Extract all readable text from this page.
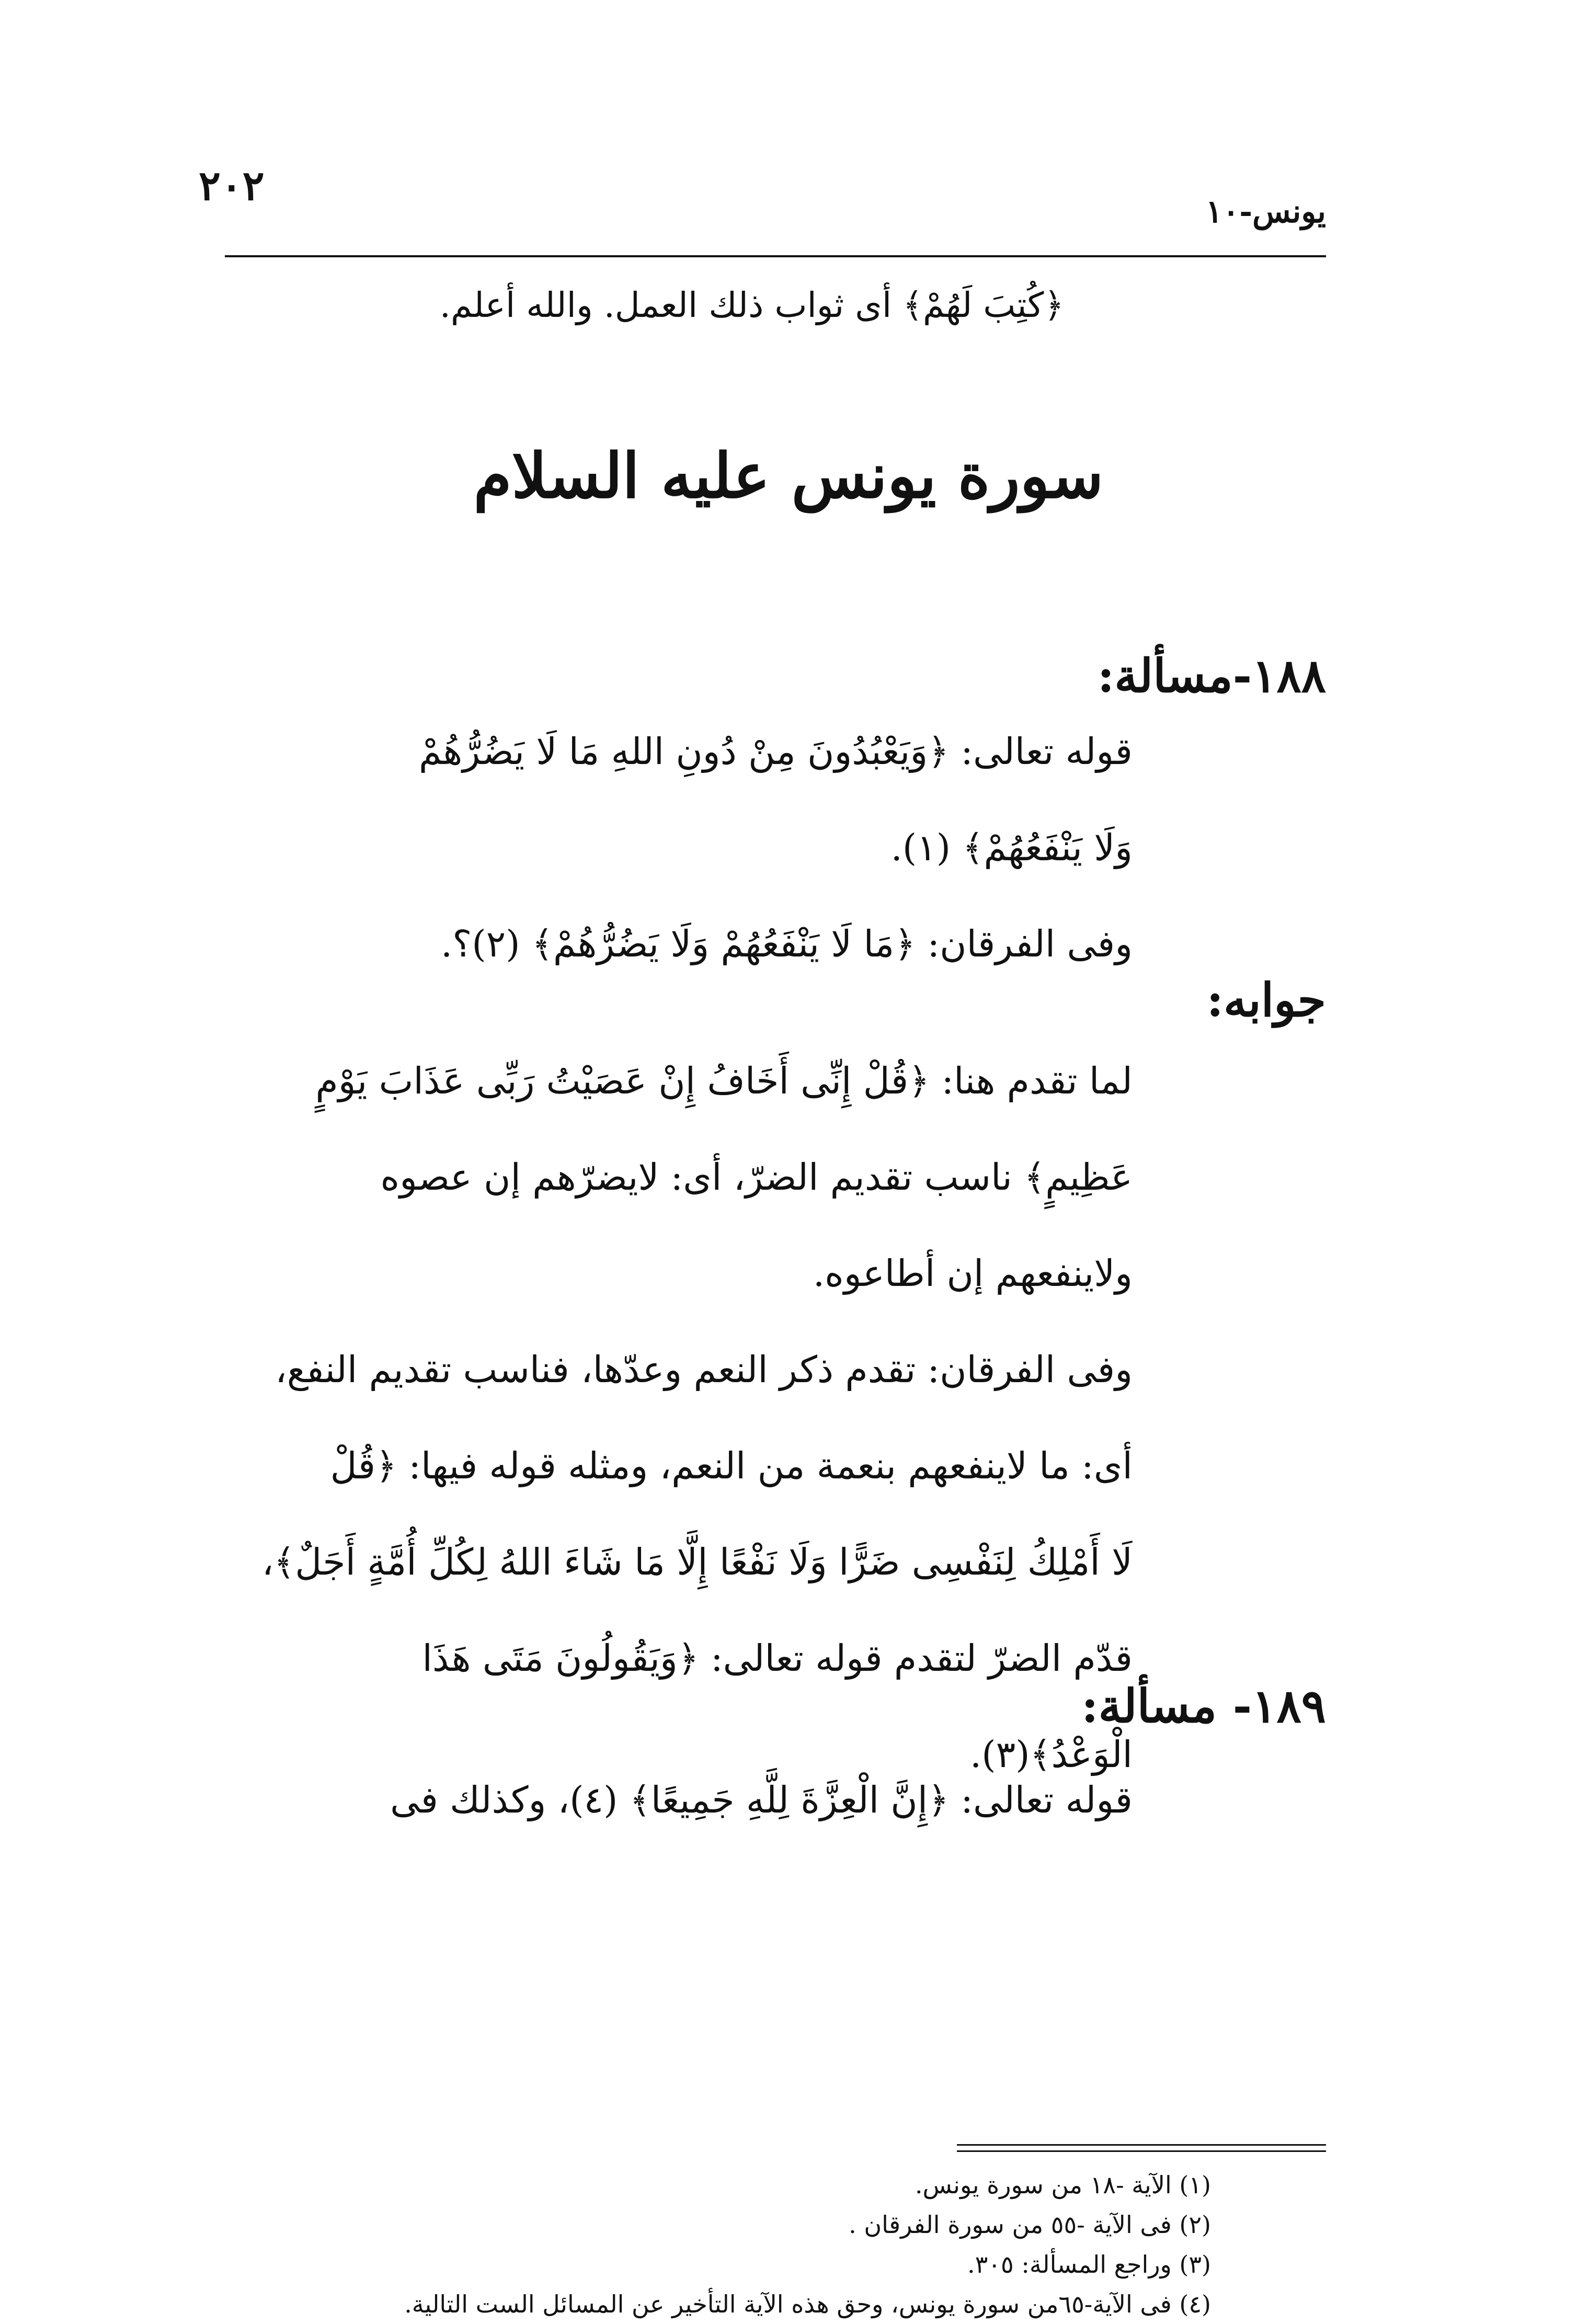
٢٠٢
يونس-١٠
﴿كُتِبَ لَهُمْ﴾ أى ثواب ذلك العمل. والله أعلم.
سورة يونس عليه السلام
١٨٨-مسألة:

قوله تعالى: ﴿وَيَعْبُدُونَ مِنْ دُونِ اللهِ مَا لَا يَضُرُّهُمْ

وَلَا يَنْفَعُهُمْ﴾ (١).

وفى الفرقان: ﴿مَا لَا يَنْفَعُهُمْ وَلَا يَضُرُّهُمْ﴾ (٢)؟.

جوابه:

لما تقدم هنا: ﴿قُلْ إِنِّى أَخَافُ إِنْ عَصَيْتُ رَبِّى عَذَابَ يَوْمٍ

عَظِيمٍ﴾ ناسب تقديم الضرّ، أى: لايضرّهم إن عصوه

ولاينفعهم إن أطاعوه.

وفى الفرقان: تقدم ذكر النعم وعدّها، فناسب تقديم النفع،

أى: ما لاينفعهم بنعمة من النعم، ومثله قوله فيها: ﴿قُلْ

لَا أَمْلِكُ لِنَفْسِى ضَرًّا وَلَا نَفْعًا إِلَّا مَا شَاءَ اللهُ لِكُلِّ أُمَّةٍ أَجَلٌ﴾،

قدّم الضرّ لتقدم قوله تعالى: ﴿وَيَقُولُونَ مَتَى هَذَا

الْوَعْدُ﴾(٣).

١٨٩- مسألة:

قوله تعالى: ﴿إِنَّ الْعِزَّةَ لِلَّهِ جَمِيعًا﴾ (٤)، وكذلك فى

(١) الآية -١٨ من سورة يونس.
(٢) فى الآية -٥٥ من سورة الفرقان .
(٣) وراجع المسألة: ٣٠٥.
(٤) فى الآية-٦٥من سورة يونس، وحق هذه الآية التأخير عن المسائل الست التالية.
